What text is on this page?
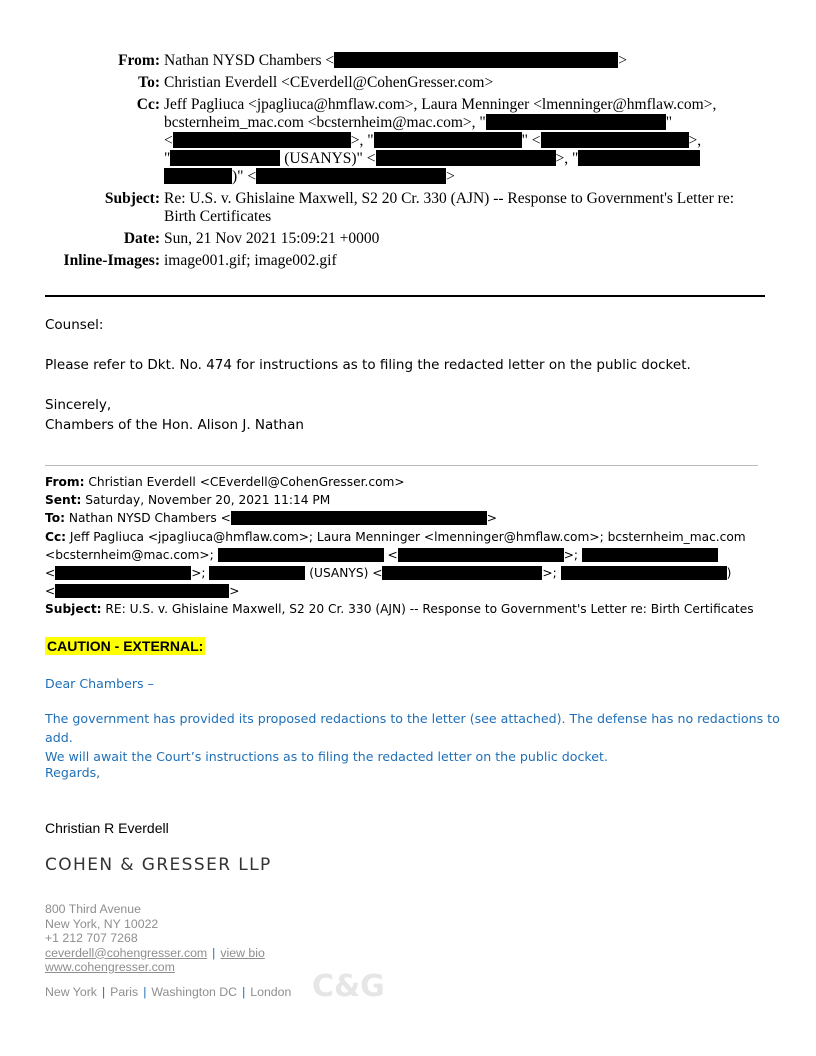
From: Nathan NYSD Chambers <	>
To: Christian Everdell <CEverdell@CohenGresser.com>
Cc: Jeff Pagliuca <jpagliuca@hmflaw.com>, Laura Menninger <lmenninger@hmflaw.com>,
bcsternheim_mac.com <bcsternheim@mac.com>, "	"
<	>, "	" <	>,
"	(USANYS)" <	>, "
)" <	>
Subject: Re: U.S. v. Ghislaine Maxwell, S2 20 Cr. 330 (AJN) -- Response to Government's Letter re:
Birth Certificates
Date: Sun, 21 Nov 2021 15:09:21 +0000
Inline-Images: image001.gif; image002.gif

Counsel:

Please refer to Dkt. No. 474 for instructions as to filing the redacted letter on the public docket.

Sincerely,
Chambers of the Hon. Alison J. Nathan
From: Christian Everdell <CEverdell@CohenGresser.com>
Sent: Saturday, November 20, 2021 11:14 PM
To: Nathan NYSD Chambers <	>
Cc: Jeff Pagliuca <jpagliuca@hmflaw.com>; Laura Menninger <lmenninger@hmflaw.com>; bcsternheim_mac.com
<bcsternheim@mac.com>;	<	>;
<	>;	(USANYS) <	>;	)
<	>
Subject: RE: U.S. v. Ghislaine Maxwell, S2 20 Cr. 330 (AJN) -- Response to Government's Letter re: Birth Certificates
CAUTION - EXTERNAL:
Dear Chambers –
The government has provided its proposed redactions to the letter (see attached). The defense has no redactions to add.
We will await the Court’s instructions as to filing the redacted letter on the public docket.
Regards,
Christian R Everdell
COHEN & GRESSER LLP
800 Third Avenue
New York, NY 10022
+1 212 707 7268
ceverdell@cohengresser.com | view bio
www.cohengresser.com
New York | Paris | Washington DC | London C&G
